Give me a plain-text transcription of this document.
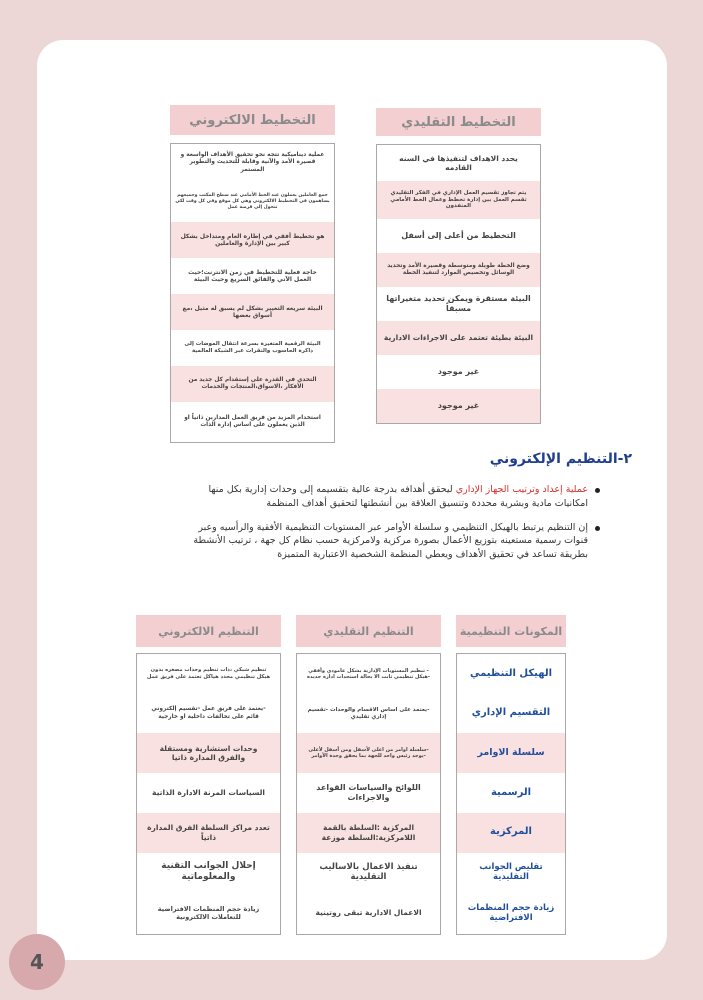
التخطيط التقليدي
يحدد الاهداف لتنفيذها في السنه القادمه
يتم تجاوز تقسيم العمل الإداري في الفكر التقليدي تقسم العمل بين إدارة تخطط وعمال الخط الأمامي المنفذون
التخطيط من أعلى إلى أسفل
وضع الخطة طويلة ومتوسطة وقصيرة الأمد وتحديد الوسائل وتخصيص الموارد لتنفيذ الخطة
البيئة مستقرة ويمكن تحديد متغيراتها مسبقاً
البيئة بطيئة تعتمد على الاجراءات الادارية
غير موجود
غير موجود
التخطيط الالكتروني
عملية ديناميكية تتجه نحو تحقيق الأهداف الواسعة و قصيرة الأمد والآنية وقابلة للتحديث والتطوير المستمر
جمع العاملين يعملون عند الخط الأمامي عند سطح المكتب وجميعهم يساهمون في التخطيط الالكتروني وهي كل موقع وفي كل وقت لكي تتحول إلى فرصة عمل
هو تخطيط أفقي في إطاره العام ومتداخل بشكل كبير بين الإدارة والعاملين
حاجة فعلية للتخطيط في زمن الانترنت؛حيث العمل الآني والفائق السريع وحيث البيئة
البيئة سريعه التغيير بشكل لم يسبق له مثيل ،مع أسواق بعضها
البيئة الرقمية المتغيرة بسرعة انتقال الموضات إلى ذاكرة الحاسوب والنقرات عبر الشبكة العالمية
التحدي في القدرة على إستقدام كل جديد من الأفكار ،الاسواق،المنتجات والخدمات
استخدام المزيد من فريق العمل المداربن ذاتياً او الذين يعملون على اساس إدارة الذات
٢-التنظيم الإلكتروني
عملية إعداد وترتيب الجهاز الإداري ليحقق أهدافه بدرجة عالية بتقسيمه إلى وحدات إدارية بكل منها امكانيات مادية وبشرية محددة وتنسيق العلاقة بين أنشطتها لتحقيق أهداف المنظمة
إن التنظيم يرتبط بالهيكل التنظيمي و سلسلة الأوامر عبر المستويات التنظيمية الأفقية والرأسيه وعبر قنوات رسمية مستعينه بتوزيع الأعمال بصورة مركزية ولامركزية حسب نظام كل جهة ، ترتيب الأنشطة بطريقة تساعد في تحقيق الأهداف ويعطي المنظمة الشخصية الاعتبارية المتميزة
المكونات التنظيمية
الهيكل التنظيمي
التقسيم الإداري
سلسلة الاوامر
الرسمية
المركزية
تقليص الجوانب التقليدية
زيادة حجم المنظمات الافتراضية
التنظيم التقليدي
- تنظيم المستويات الإدارية بشكل عامودي وأفقي -هيكل تنظيمي ثابت الا بحالة استحداث اداره جديده
-يعتمد على اساس الاقسام والوحدات -تقسيم إداري تقليدي
-سلسلة اوامر من اعلى لأسفل ومن أسفل لأعلى -يوجد رئيس واحد للجهة بما يحقق وحدة الأوامر
اللوائح والسياسات القواعد والاجراءات
المركزية :السلطة بالقمة اللامركزية:السلطة موزعة
تنفيذ الاعمال بالاساليب التقليدية
الاعمال الادارية تبقى روتينية
التنظيم الالكتروني
تنظيم شبكي ،ذات تنظيم وحدات مصغره بدون هيكل تنظيمي محدد هياكل تعتمد على فريق عمل
-يعتمد على فريق عمل -تقسيم إلكتروني قائم على تحالفات داخلية او خارجية
وحدات استشارية ومستقلة والفرق المدارة ذاتيا
السياسات المرنة الادارة الذاتية
تعدد مراكز السلطة الفرق المدارة ذاتياً
إحلال الجوانب التقنية والمعلوماتية
زيادة حجم المنظمات الافتراضية للتعاملات الالكترونية
4
